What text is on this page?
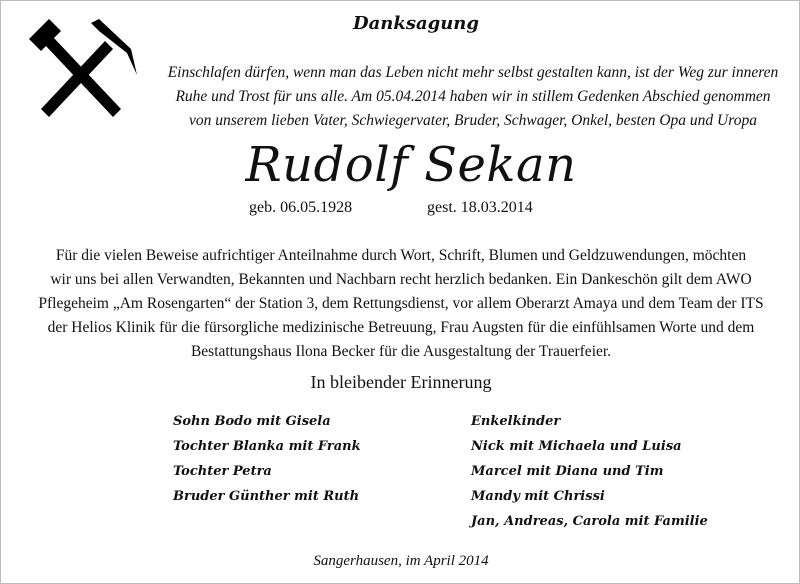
Danksagung
Einschlafen dürfen, wenn man das Leben nicht mehr selbst gestalten kann, ist der Weg zur inneren
Ruhe und Trost für uns alle. Am 05.04.2014 haben wir in stillem Gedenken Abschied genommen
von unserem lieben Vater, Schwiegervater, Bruder, Schwager, Onkel, besten Opa und Uropa
Rudolf Sekan
geb. 06.05.1928	gest. 18.03.2014
Für die vielen Beweise aufrichtiger Anteilnahme durch Wort, Schrift, Blumen und Geldzuwendungen, möchten
wir uns bei allen Verwandten, Bekannten und Nachbarn recht herzlich bedanken. Ein Dankeschön gilt dem AWO
Pflegeheim „Am Rosengarten“ der Station 3, dem Rettungsdienst, vor allem Oberarzt Amaya und dem Team der ITS
der Helios Klinik für die fürsorgliche medizinische Betreuung, Frau Augsten für die einfühlsamen Worte und dem
Bestattungshaus Ilona Becker für die Ausgestaltung der Trauerfeier.
In bleibender Erinnerung
Sohn Bodo mit Gisela
Tochter Blanka mit Frank
Tochter Petra
Bruder Günther mit Ruth
Enkelkinder
Nick mit Michaela und Luisa
Marcel mit Diana und Tim
Mandy mit Chrissi
Jan, Andreas, Carola mit Familie
Sangerhausen, im April 2014
